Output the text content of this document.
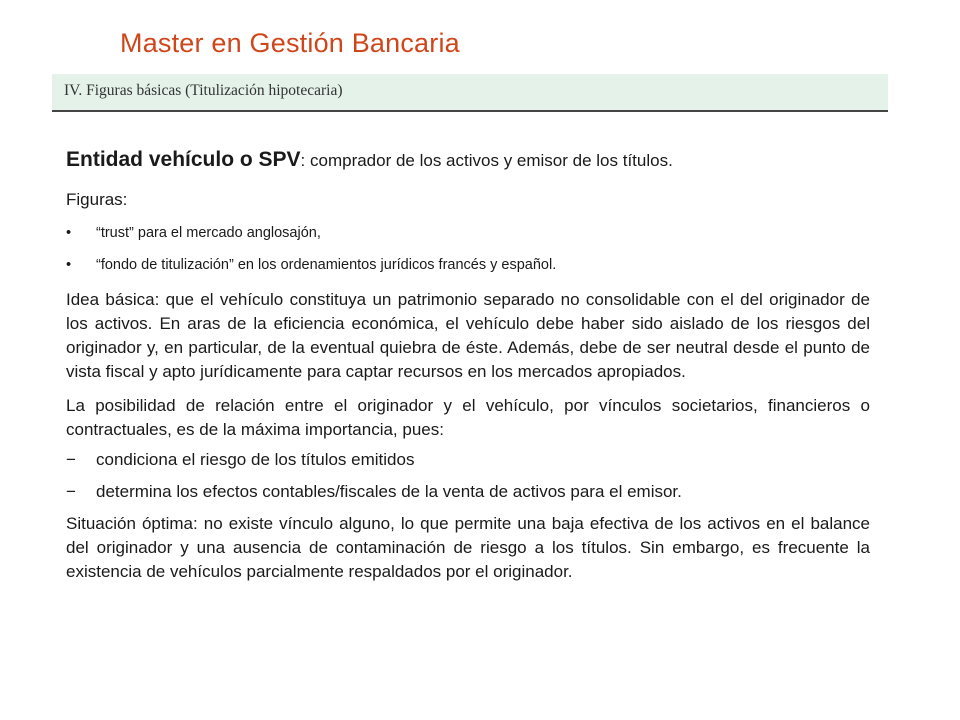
Master en Gestión Bancaria
IV. Figuras básicas (Titulización hipotecaria)

Entidad vehículo o SPV: comprador de los activos y emisor de los títulos.

Figuras:

• “trust” para el mercado anglosajón,
• “fondo de titulización” en los ordenamientos jurídicos francés y español.

Idea básica: que el vehículo constituya un patrimonio separado no consolidable con el del originador de los activos. En aras de la eficiencia económica, el vehículo debe haber sido aislado de los riesgos del originador y, en particular, de la eventual quiebra de éste. Además, debe de ser neutral desde el punto de vista fiscal y apto jurídicamente para captar recursos en los mercados apropiados.

La posibilidad de relación entre el originador y el vehículo, por vínculos societarios, financieros o contractuales, es de la máxima importancia, pues:

− condiciona el riesgo de los títulos emitidos
− determina los efectos contables/fiscales de la venta de activos para el emisor.

Situación óptima: no existe vínculo alguno, lo que permite una baja efectiva de los activos en el balance del originador y una ausencia de contaminación de riesgo a los títulos. Sin embargo, es frecuente la existencia de vehículos parcialmente respaldados por el originador.
